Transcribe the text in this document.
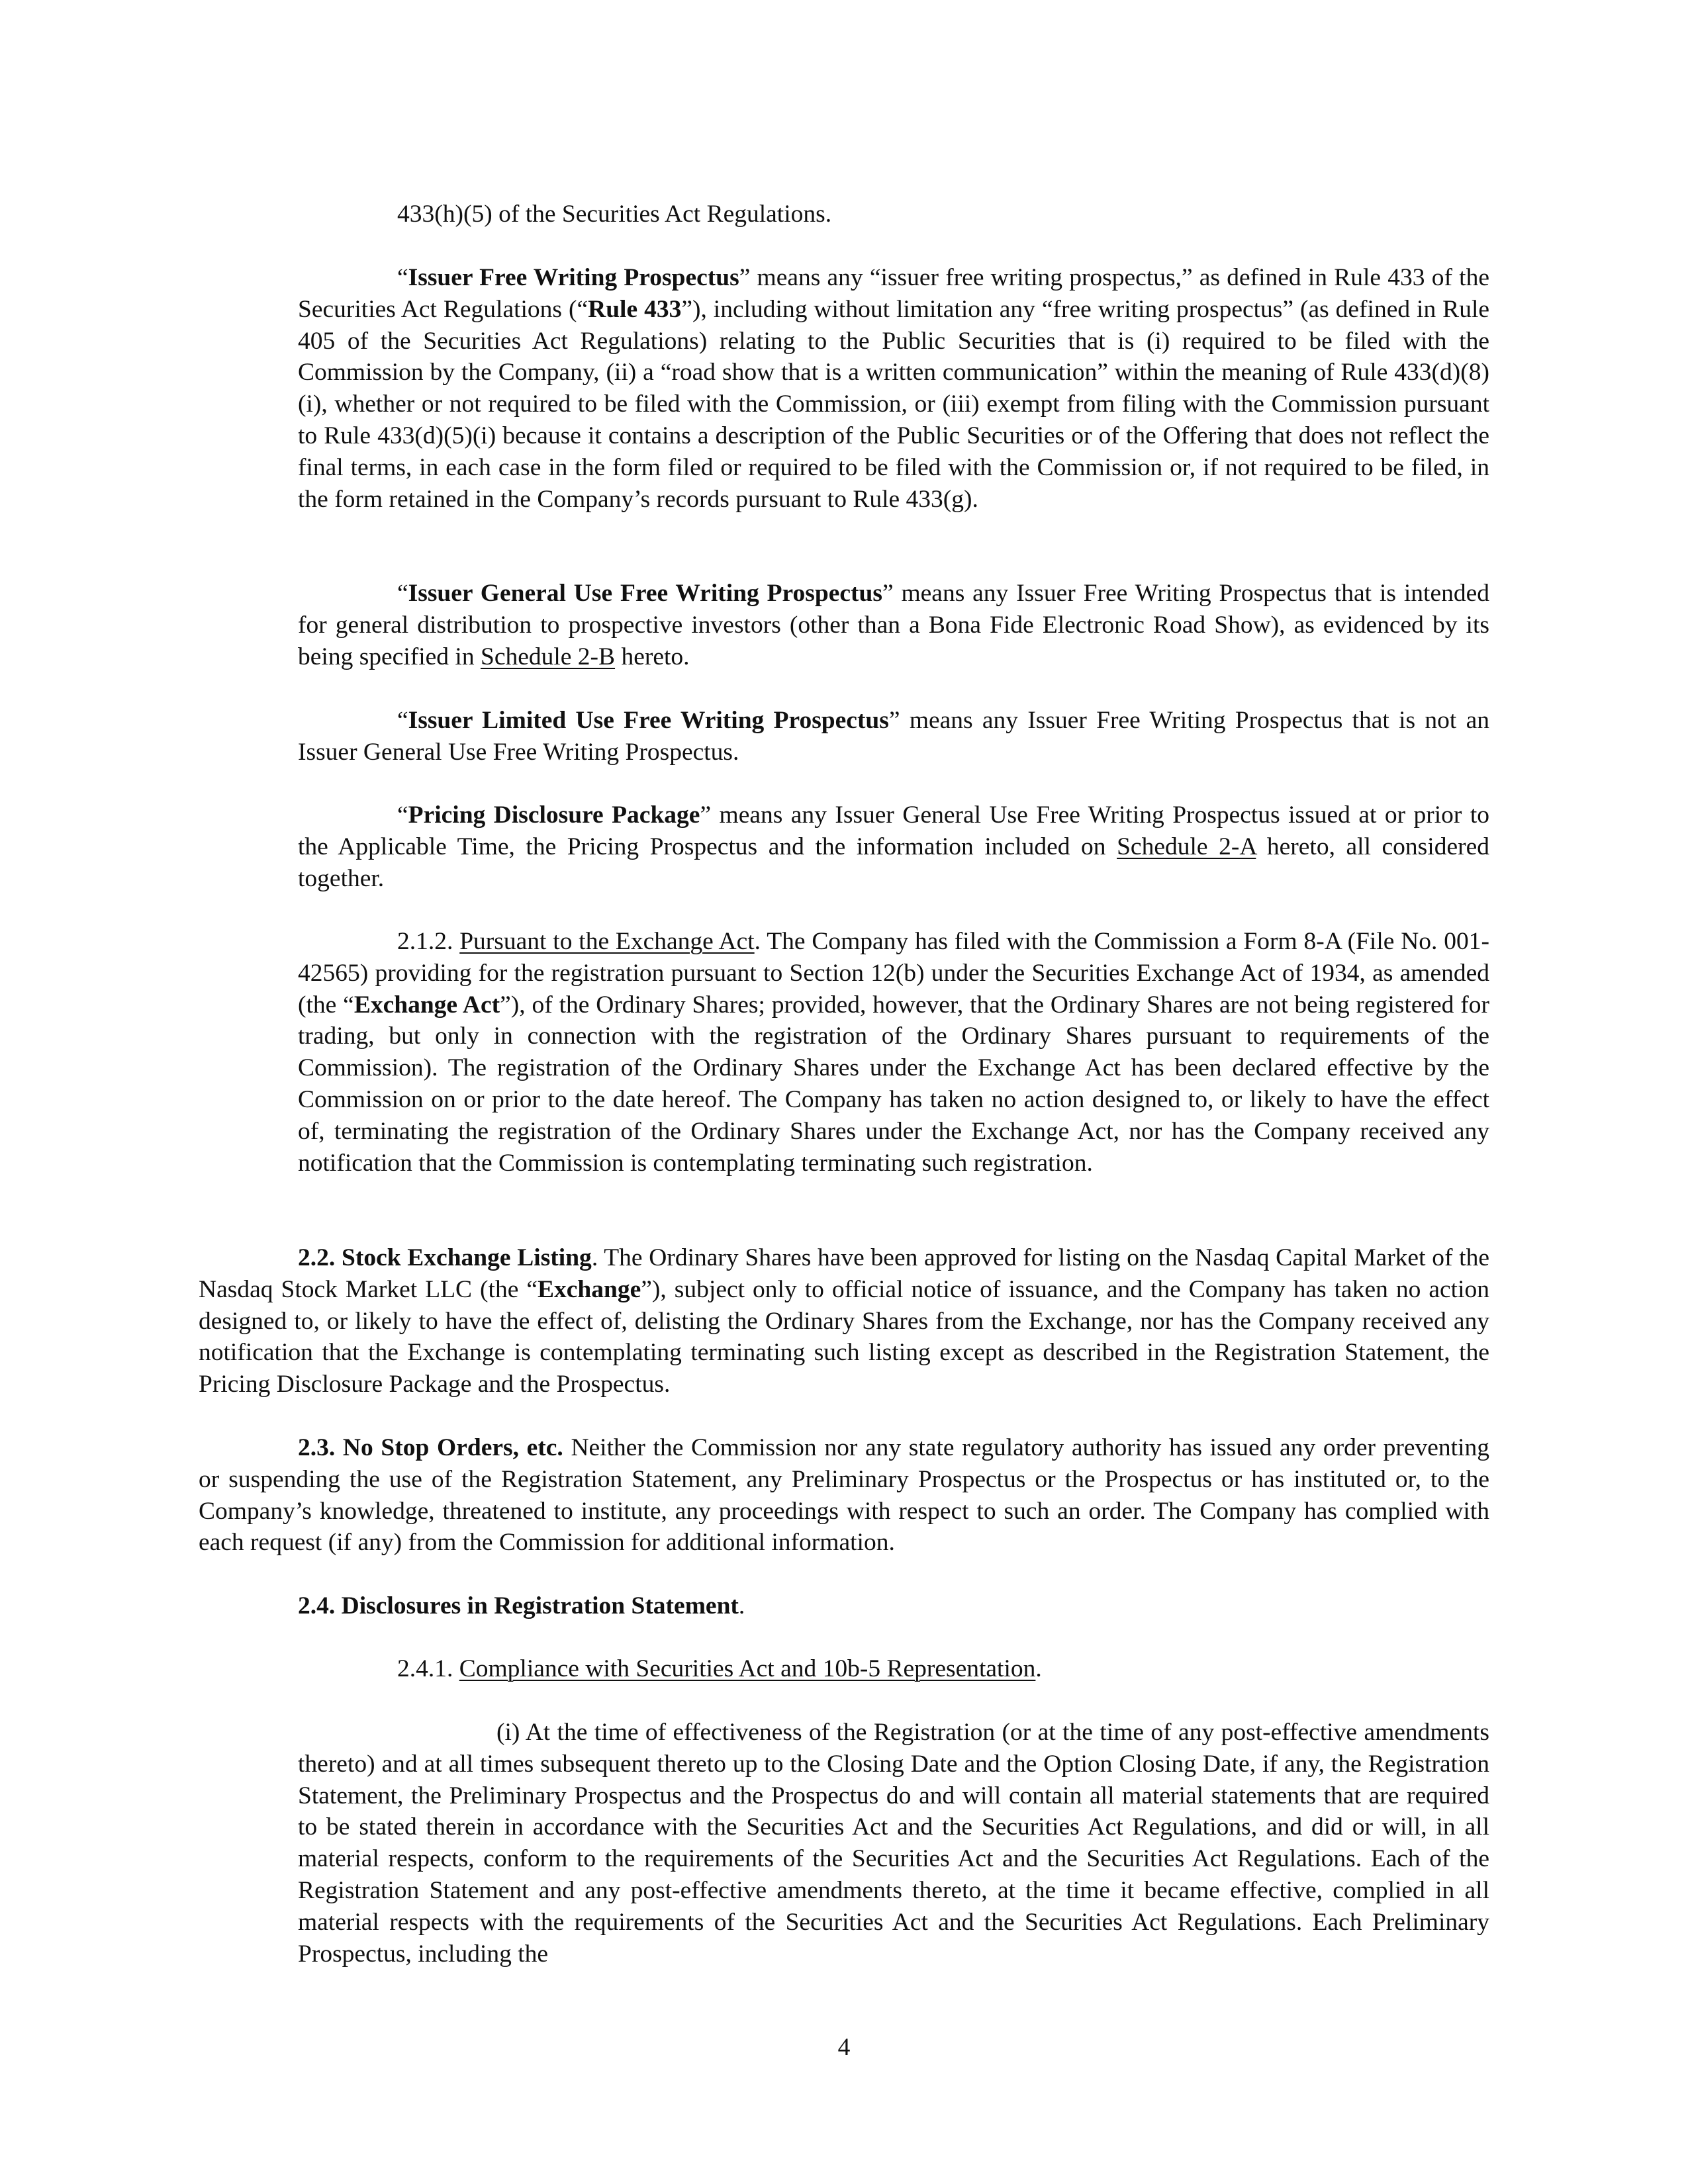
433(h)(5) of the Securities Act Regulations.

“Issuer Free Writing Prospectus” means any “issuer free writing prospectus,” as defined in Rule 433 of the Securities Act Regulations (“Rule 433”), including without limitation any “free writing prospectus” (as defined in Rule 405 of the Securities Act Regulations) relating to the Public Securities that is (i) required to be filed with the Commission by the Company, (ii) a “road show that is a written communication” within the meaning of Rule 433(d)(8)(i), whether or not required to be filed with the Commission, or (iii) exempt from filing with the Commission pursuant to Rule 433(d)(5)(i) because it contains a description of the Public Securities or of the Offering that does not reflect the final terms, in each case in the form filed or required to be filed with the Commission or, if not required to be filed, in the form retained in the Company’s records pursuant to Rule 433(g).

“Issuer General Use Free Writing Prospectus” means any Issuer Free Writing Prospectus that is intended for general distribution to prospective investors (other than a Bona Fide Electronic Road Show), as evidenced by its being specified in Schedule 2-B hereto.

“Issuer Limited Use Free Writing Prospectus” means any Issuer Free Writing Prospectus that is not an Issuer General Use Free Writing Prospectus.

“Pricing Disclosure Package” means any Issuer General Use Free Writing Prospectus issued at or prior to the Applicable Time, the Pricing Prospectus and the information included on Schedule 2-A hereto, all considered together.

2.1.2. Pursuant to the Exchange Act. The Company has filed with the Commission a Form 8-A (File No. 001-42565) providing for the registration pursuant to Section 12(b) under the Securities Exchange Act of 1934, as amended (the “Exchange Act”), of the Ordinary Shares; provided, however, that the Ordinary Shares are not being registered for trading, but only in connection with the registration of the Ordinary Shares pursuant to requirements of the Commission). The registration of the Ordinary Shares under the Exchange Act has been declared effective by the Commission on or prior to the date hereof. The Company has taken no action designed to, or likely to have the effect of, terminating the registration of the Ordinary Shares under the Exchange Act, nor has the Company received any notification that the Commission is contemplating terminating such registration.

2.2. Stock Exchange Listing. The Ordinary Shares have been approved for listing on the Nasdaq Capital Market of the Nasdaq Stock Market LLC (the “Exchange”), subject only to official notice of issuance, and the Company has taken no action designed to, or likely to have the effect of, delisting the Ordinary Shares from the Exchange, nor has the Company received any notification that the Exchange is contemplating terminating such listing except as described in the Registration Statement, the Pricing Disclosure Package and the Prospectus.

2.3. No Stop Orders, etc. Neither the Commission nor any state regulatory authority has issued any order preventing or suspending the use of the Registration Statement, any Preliminary Prospectus or the Prospectus or has instituted or, to the Company’s knowledge, threatened to institute, any proceedings with respect to such an order. The Company has complied with each request (if any) from the Commission for additional information.

2.4. Disclosures in Registration Statement.

2.4.1. Compliance with Securities Act and 10b-5 Representation.

(i) At the time of effectiveness of the Registration (or at the time of any post-effective amendments thereto) and at all times subsequent thereto up to the Closing Date and the Option Closing Date, if any, the Registration Statement, the Preliminary Prospectus and the Prospectus do and will contain all material statements that are required to be stated therein in accordance with the Securities Act and the Securities Act Regulations, and did or will, in all material respects, conform to the requirements of the Securities Act and the Securities Act Regulations. Each of the Registration Statement and any post-effective amendments thereto, at the time it became effective, complied in all material respects with the requirements of the Securities Act and the Securities Act Regulations. Each Preliminary Prospectus, including the

4
